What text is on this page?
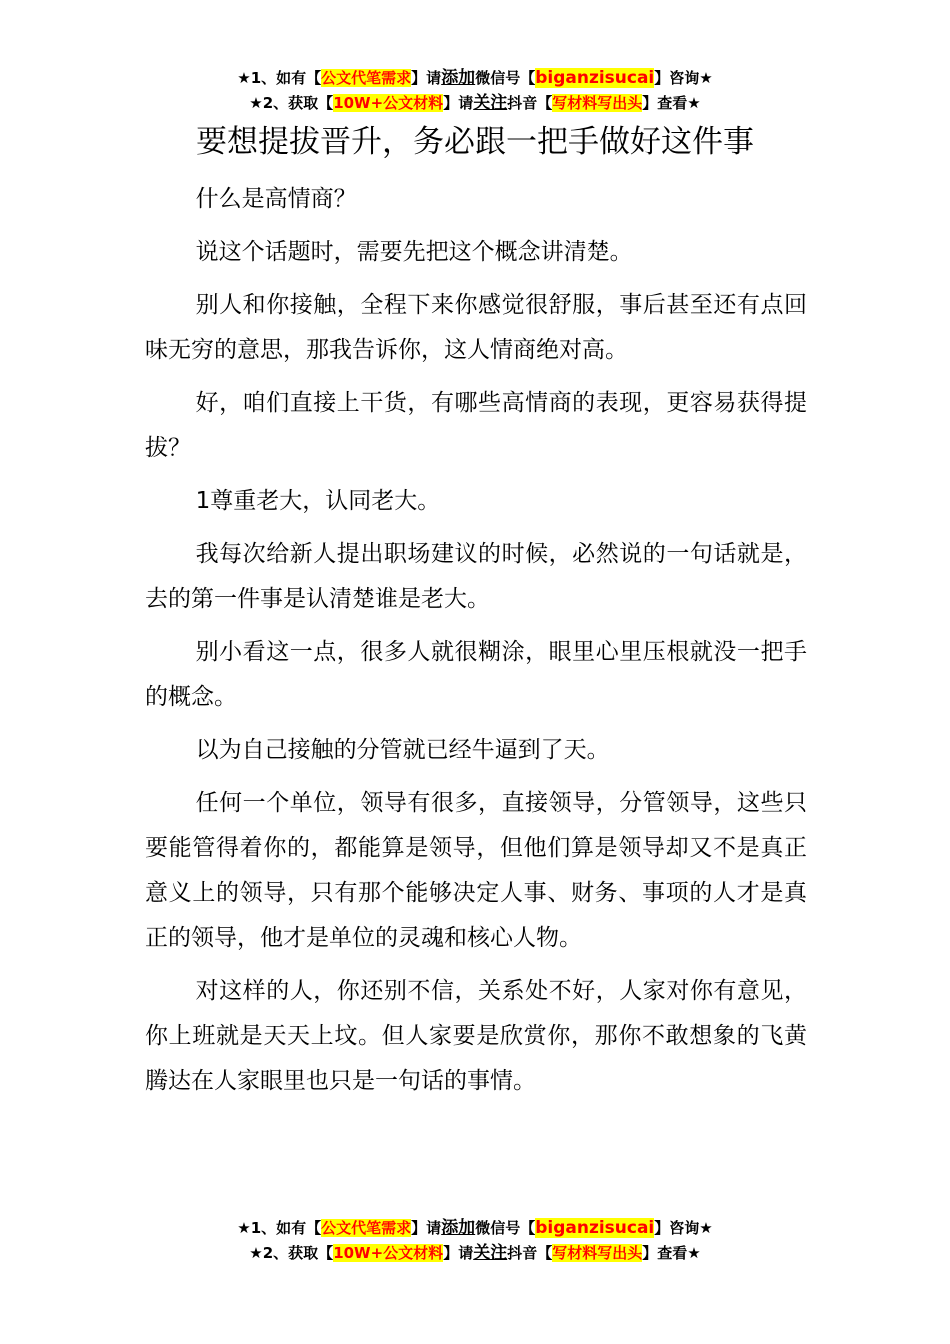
★1、如有【公文代笔需求】请添加微信号【biganzisucai】咨询★
★2、获取【10W+公文材料】请关注抖音【写材料写出头】查看★
要想提拔晋升，务必跟一把手做好这件事

什么是高情商？

说这个话题时，需要先把这个概念讲清楚。

别人和你接触，全程下来你感觉很舒服，事后甚至还有点回味无穷的意思，那我告诉你，这人情商绝对高。

好，咱们直接上干货，有哪些高情商的表现，更容易获得提拔？

1尊重老大，认同老大。

我每次给新人提出职场建议的时候，必然说的一句话就是，去的第一件事是认清楚谁是老大。

别小看这一点，很多人就很糊涂，眼里心里压根就没一把手的概念。

以为自己接触的分管就已经牛逼到了天。

任何一个单位，领导有很多，直接领导，分管领导，这些只要能管得着你的，都能算是领导，但他们算是领导却又不是真正意义上的领导，只有那个能够决定人事、财务、事项的人才是真正的领导，他才是单位的灵魂和核心人物。

对这样的人，你还别不信，关系处不好，人家对你有意见，你上班就是天天上坟。但人家要是欣赏你，那你不敢想象的飞黄腾达在人家眼里也只是一句话的事情。

★1、如有【公文代笔需求】请添加微信号【biganzisucai】咨询★
★2、获取【10W+公文材料】请关注抖音【写材料写出头】查看★
